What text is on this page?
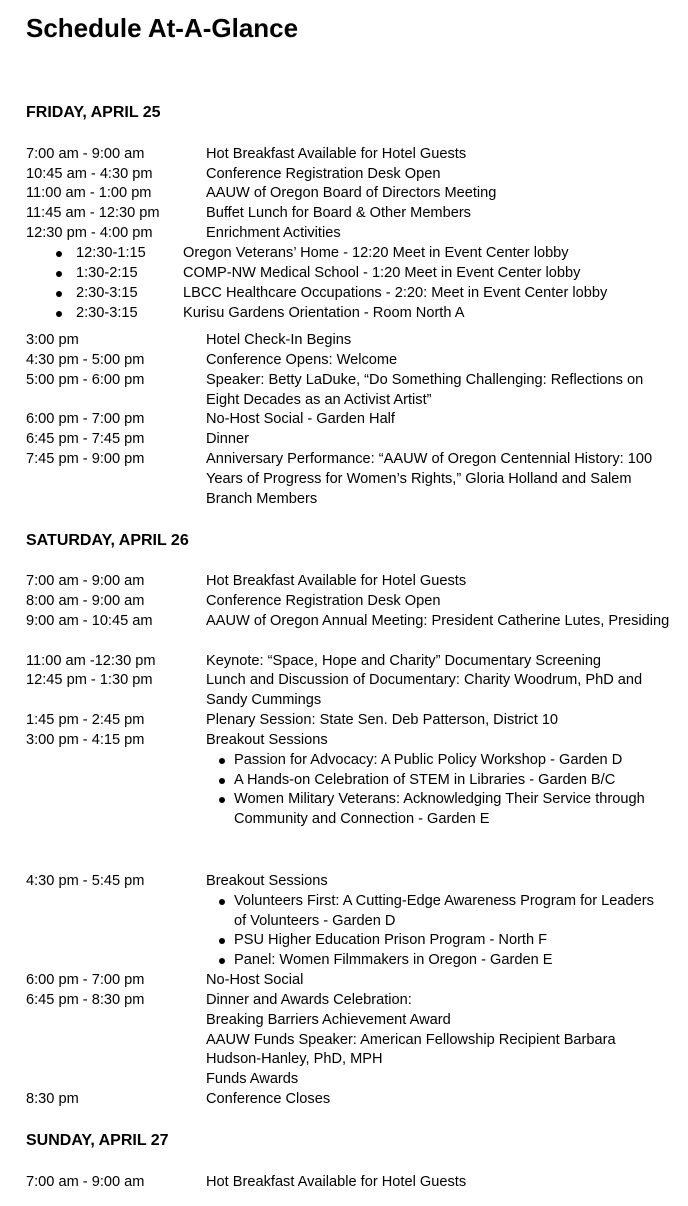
Schedule At-A-Glance
FRIDAY, APRIL 25
7:00 am - 9:00 am	Hot Breakfast Available for Hotel Guests
10:45 am - 4:30 pm	Conference Registration Desk Open
11:00 am - 1:00 pm	AAUW of Oregon Board of Directors Meeting
11:45 am - 12:30 pm	Buffet Lunch for Board & Other Members
12:30 pm - 4:00 pm	Enrichment Activities
12:30-1:15	Oregon Veterans’ Home - 12:20 Meet in Event Center lobby
1:30-2:15	COMP-NW Medical School - 1:20 Meet in Event Center lobby
2:30-3:15	LBCC Healthcare Occupations - 2:20: Meet in Event Center lobby
2:30-3:15	Kurisu Gardens Orientation - Room North A
3:00 pm	Hotel Check-In Begins
4:30 pm - 5:00 pm	Conference Opens: Welcome
5:00 pm - 6:00 pm	Speaker: Betty LaDuke, “Do Something Challenging: Reflections on Eight Decades as an Activist Artist”
6:00 pm - 7:00 pm	No-Host Social - Garden Half
6:45 pm - 7:45 pm	Dinner
7:45 pm - 9:00 pm	Anniversary Performance: “AAUW of Oregon Centennial History: 100 Years of Progress for Women’s Rights,” Gloria Holland and Salem Branch Members
SATURDAY, APRIL 26
7:00 am - 9:00 am	Hot Breakfast Available for Hotel Guests
8:00 am - 9:00 am	Conference Registration Desk Open
9:00 am - 10:45 am	AAUW of Oregon Annual Meeting: President Catherine Lutes, Presiding
11:00 am -12:30 pm	Keynote: “Space, Hope and Charity” Documentary Screening
12:45 pm - 1:30 pm	Lunch and Discussion of Documentary: Charity Woodrum, PhD and Sandy Cummings
1:45 pm - 2:45 pm	Plenary Session: State Sen. Deb Patterson, District 10
3:00 pm - 4:15 pm	Breakout Sessions
Passion for Advocacy: A Public Policy Workshop - Garden D
A Hands-on Celebration of STEM in Libraries - Garden B/C
Women Military Veterans: Acknowledging Their Service through Community and Connection - Garden E
4:30 pm - 5:45 pm	Breakout Sessions
Volunteers First: A Cutting-Edge Awareness Program for Leaders of Volunteers - Garden D
PSU Higher Education Prison Program - North F
Panel: Women Filmmakers in Oregon - Garden E
6:00 pm - 7:00 pm	No-Host Social
6:45 pm - 8:30 pm	Dinner and Awards Celebration:
Breaking Barriers Achievement Award
AAUW Funds Speaker: American Fellowship Recipient Barbara Hudson-Hanley, PhD, MPH
Funds Awards
8:30 pm	Conference Closes
SUNDAY, APRIL 27
7:00 am - 9:00 am	Hot Breakfast Available for Hotel Guests
